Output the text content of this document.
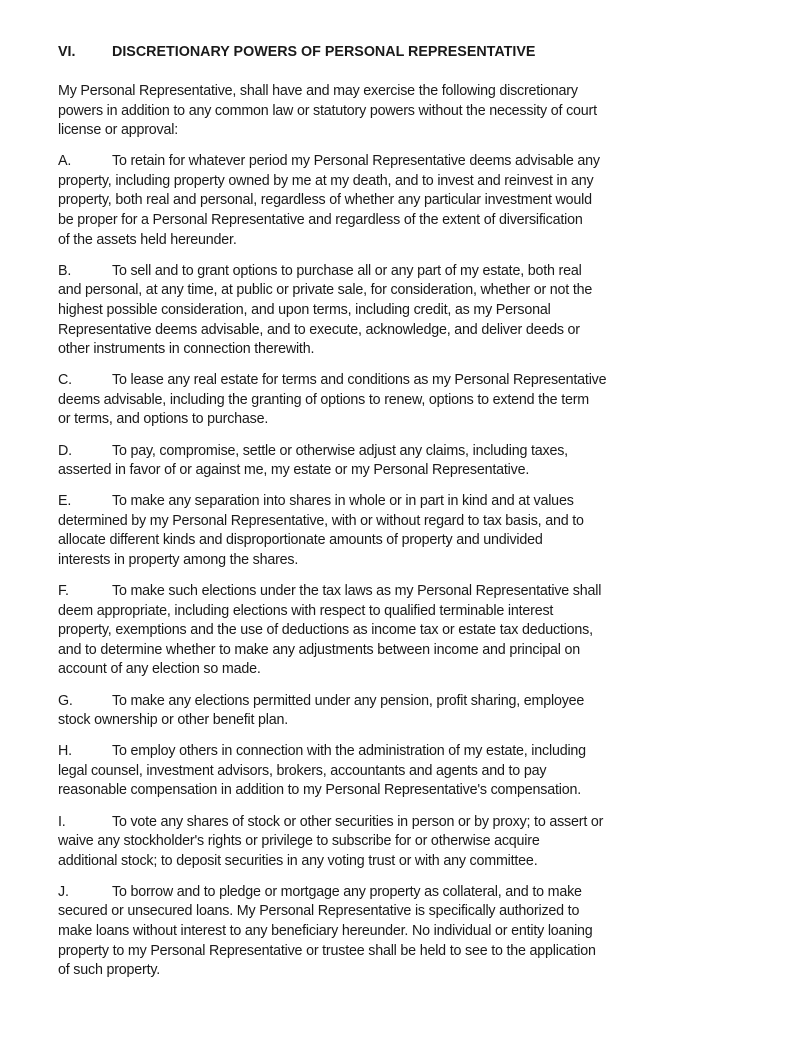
VI.	DISCRETIONARY POWERS OF PERSONAL REPRESENTATIVE
My Personal Representative, shall have and may exercise the following discretionary
powers in addition to any common law or statutory powers without the necessity of court
license or approval:
A.	To retain for whatever period my Personal Representative deems advisable any
property, including property owned by me at my death, and to invest and reinvest in any
property, both real and personal, regardless of whether any particular investment would
be proper for a Personal Representative and regardless of the extent of diversification
of the assets held hereunder.
B.	To sell and to grant options to purchase all or any part of my estate, both real
and personal, at any time, at public or private sale, for consideration, whether or not the
highest possible consideration, and upon terms, including credit, as my Personal
Representative deems advisable, and to execute, acknowledge, and deliver deeds or
other instruments in connection therewith.
C.	To lease any real estate for terms and conditions as my Personal Representative
deems advisable, including the granting of options to renew, options to extend the term
or terms, and options to purchase.
D.	To pay, compromise, settle or otherwise adjust any claims, including taxes,
asserted in favor of or against me, my estate or my Personal Representative.
E.	To make any separation into shares in whole or in part in kind and at values
determined by my Personal Representative, with or without regard to tax basis, and to
allocate different kinds and disproportionate amounts of property and undivided
interests in property among the shares.
F.	To make such elections under the tax laws as my Personal Representative shall
deem appropriate, including elections with respect to qualified terminable interest
property, exemptions and the use of deductions as income tax or estate tax deductions,
and to determine whether to make any adjustments between income and principal on
account of any election so made.
G.	To make any elections permitted under any pension, profit sharing, employee
stock ownership or other benefit plan.
H.	To employ others in connection with the administration of my estate, including
legal counsel, investment advisors, brokers, accountants and agents and to pay
reasonable compensation in addition to my Personal Representative's compensation.
I.	To vote any shares of stock or other securities in person or by proxy; to assert or
waive any stockholder's rights or privilege to subscribe for or otherwise acquire
additional stock; to deposit securities in any voting trust or with any committee.
J.	To borrow and to pledge or mortgage any property as collateral, and to make
secured or unsecured loans. My Personal Representative is specifically authorized to
make loans without interest to any beneficiary hereunder. No individual or entity loaning
property to my Personal Representative or trustee shall be held to see to the application
of such property.
